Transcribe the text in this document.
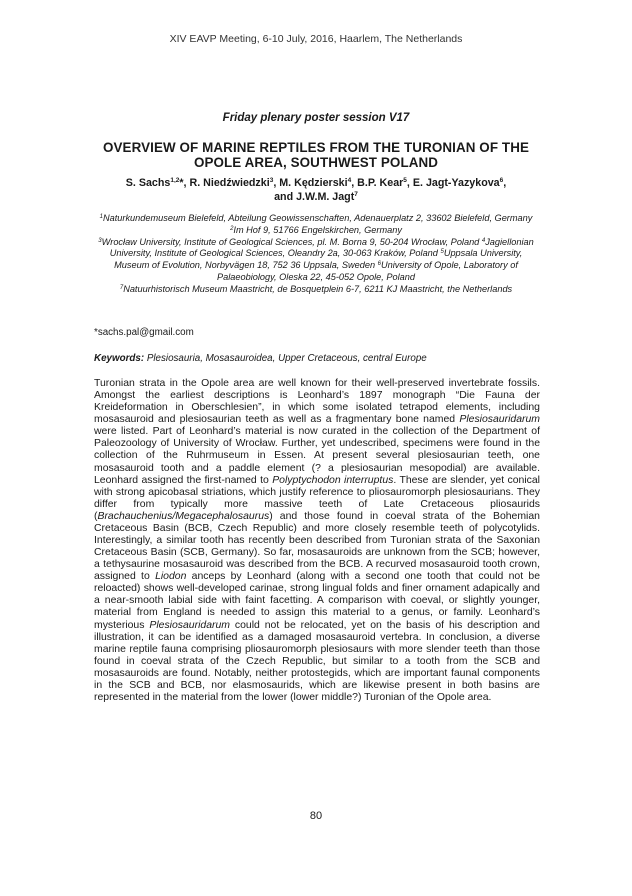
XIV EAVP Meeting, 6-10 July, 2016, Haarlem, The Netherlands
Friday plenary poster session V17
OVERVIEW OF MARINE REPTILES FROM THE TURONIAN OF THE OPOLE AREA, SOUTHWEST POLAND
S. Sachs$^{1,2}$*, R. Niedźwiedzki$^3$, M. Kędzierski$^4$, B.P. Kear$^5$, E. Jagt-Yazykova$^6$,
and J.W.M. Jagt$^7$
$^1$Naturkundemuseum Bielefeld, Abteilung Geowissenschaften, Adenauerplatz 2, 33602 Bielefeld, Germany
$^2$Im Hof 9, 51766 Engelskirchen, Germany
$^3$Wrocław University, Institute of Geological Sciences, pl. M. Borna 9, 50-204 Wrocław, Poland $^4$Jagiellonian University, Institute of Geological Sciences, Oleandry 2a, 30-063 Kraków, Poland $^5$Uppsala University, Museum of Evolution, Norbyvägen 18, 752 36 Uppsala, Sweden $^6$University of Opole, Laboratory of Palaeobiology, Oleska 22, 45-052 Opole, Poland
$^7$Natuurhistorisch Museum Maastricht, de Bosquetplein 6-7, 6211 KJ Maastricht, the Netherlands
*sachs.pal@gmail.com
Keywords: Plesiosauria, Mosasauroidea, Upper Cretaceous, central Europe
Turonian strata in the Opole area are well known for their well-preserved invertebrate fossils. Amongst the earliest descriptions is Leonhard’s 1897 monograph “Die Fauna der Kreideformation in Oberschlesien”, in which some isolated tetrapod elements, including mosasauroid and plesiosaurian teeth as well as a fragmentary bone named Plesiosauridarum were listed. Part of Leonhard’s material is now curated in the collection of the Department of Paleozoology of University of Wrocław. Further, yet undescribed, specimens were found in the collection of the Ruhrmuseum in Essen. At present several plesiosaurian teeth, one mosasauroid tooth and a paddle element (? a plesiosaurian mesopodial) are available. Leonhard assigned the first-named to Polyptychodon interruptus. These are slender, yet conical with strong apicobasal striations, which justify reference to pliosauromorph plesiosaurians. They differ from typically more massive teeth of Late Cretaceous pliosaurids (Brachauchenius/Megacephalosaurus) and those found in coeval strata of the Bohemian Cretaceous Basin (BCB, Czech Republic) and more closely resemble teeth of polycotylids. Interestingly, a similar tooth has recently been described from Turonian strata of the Saxonian Cretaceous Basin (SCB, Germany). So far, mosasauroids are unknown from the SCB; however, a tethysaurine mosasauroid was described from the BCB. A recurved mosasauroid tooth crown, assigned to Liodon anceps by Leonhard (along with a second one tooth that could not be reloacted) shows well-developed carinae, strong lingual folds and finer ornament adapically and a near-smooth labial side with faint facetting. A comparison with coeval, or slightly younger, material from England is needed to assign this material to a genus, or family. Leonhard’s mysterious Plesiosauridarum could not be relocated, yet on the basis of his description and illustration, it can be identified as a damaged mosasauroid vertebra. In conclusion, a diverse marine reptile fauna comprising pliosauromorph plesiosaurs with more slender teeth than those found in coeval strata of the Czech Republic, but similar to a tooth from the SCB and mosasauroids are found. Notably, neither protostegids, which are important faunal components in the SCB and BCB, nor elasmosaurids, which are likewise present in both basins are represented in the material from the lower (lower middle?) Turonian of the Opole area.
80
